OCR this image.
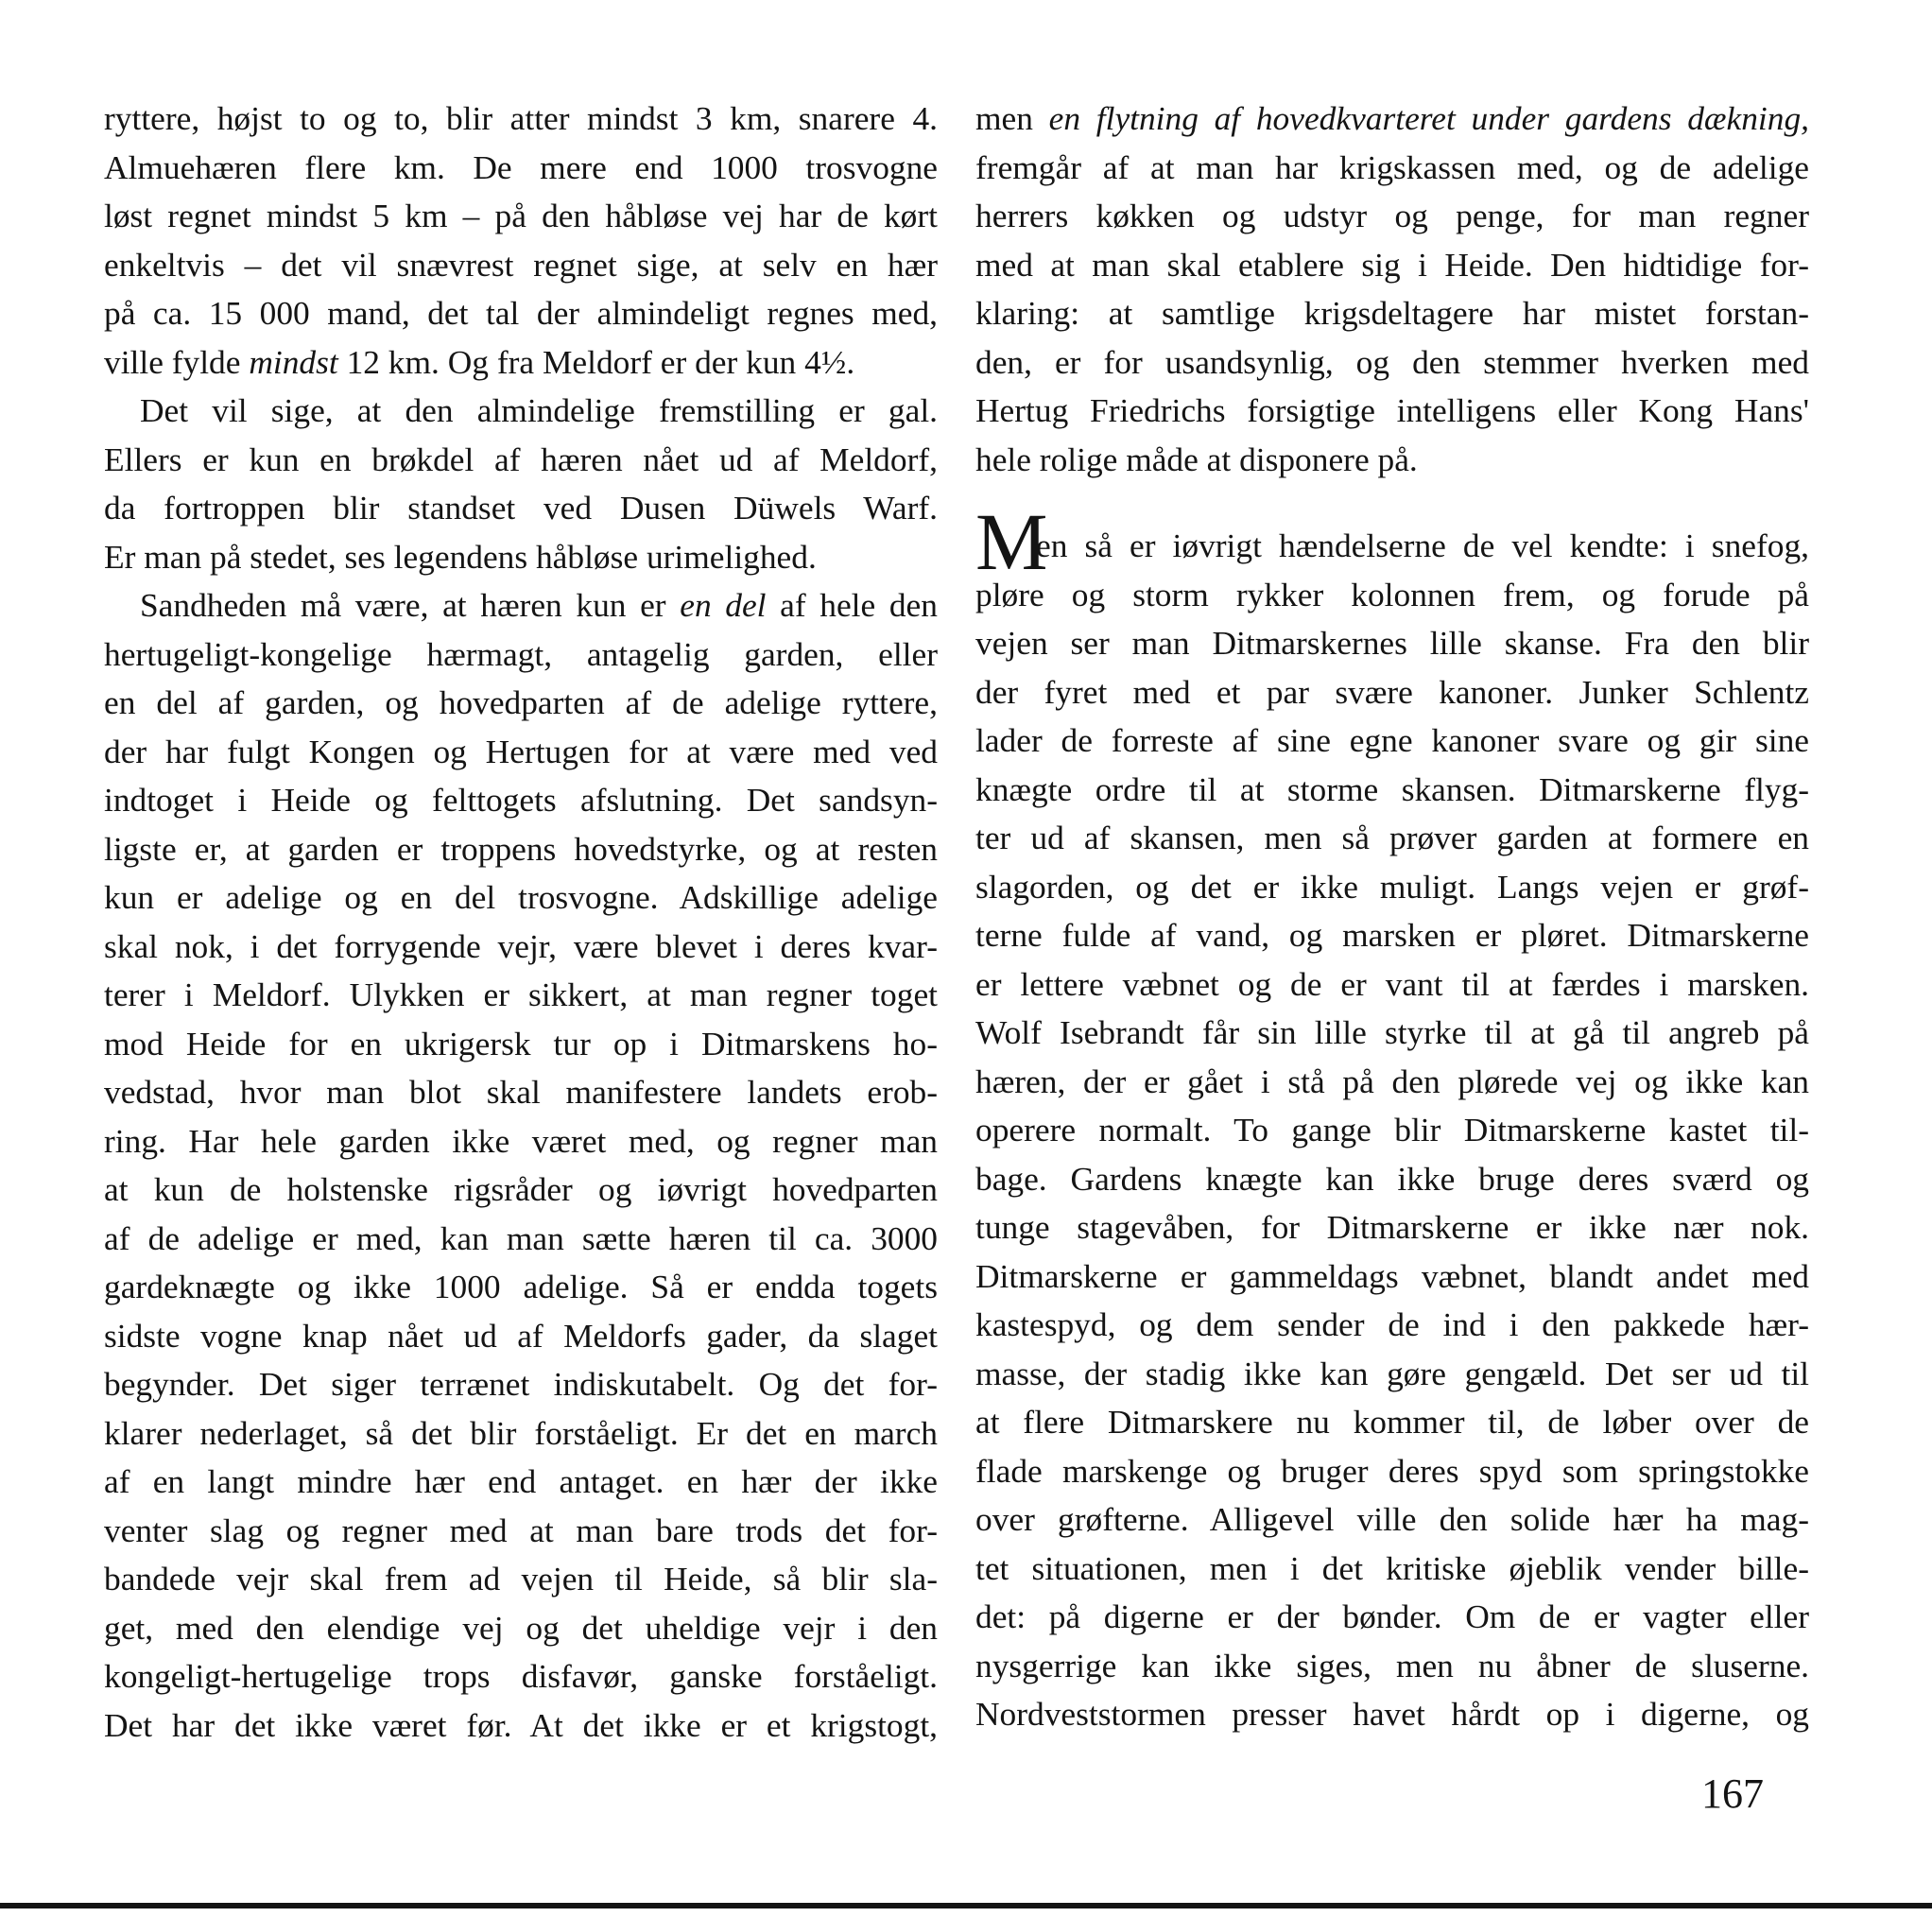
ryttere, højst to og to, blir atter mindst 3 km, snarere 4.
Almuehæren flere km. De mere end 1000 trosvogne
løst regnet mindst 5 km – på den håbløse vej har de kørt
enkeltvis – det vil snævrest regnet sige, at selv en hær
på ca. 15 000 mand, det tal der almindeligt regnes med,
ville fylde mindst 12 km. Og fra Meldorf er der kun 4½.
Det vil sige, at den almindelige fremstilling er gal.
Ellers er kun en brøkdel af hæren nået ud af Meldorf,
da fortroppen blir standset ved Dusen Düwels Warf.
Er man på stedet, ses legendens håbløse urimelighed.
Sandheden må være, at hæren kun er en del af hele den
hertugeligt-kongelige hærmagt, antagelig garden, eller
en del af garden, og hovedparten af de adelige ryttere,
der har fulgt Kongen og Hertugen for at være med ved
indtoget i Heide og felttogets afslutning. Det sandsyn-
ligste er, at garden er troppens hovedstyrke, og at resten
kun er adelige og en del trosvogne. Adskillige adelige
skal nok, i det forrygende vejr, være blevet i deres kvar-
terer i Meldorf. Ulykken er sikkert, at man regner toget
mod Heide for en ukrigersk tur op i Ditmarskens ho-
vedstad, hvor man blot skal manifestere landets erob-
ring. Har hele garden ikke været med, og regner man
at kun de holstenske rigsråder og iøvrigt hovedparten
af de adelige er med, kan man sætte hæren til ca. 3000
gardeknægte og ikke 1000 adelige. Så er endda togets
sidste vogne knap nået ud af Meldorfs gader, da slaget
begynder. Det siger terrænet indiskutabelt. Og det for-
klarer nederlaget, så det blir forståeligt. Er det en march
af en langt mindre hær end antaget. en hær der ikke
venter slag og regner med at man bare trods det for-
bandede vejr skal frem ad vejen til Heide, så blir sla-
get, med den elendige vej og det uheldige vejr i den
kongeligt-hertugelige trops disfavør, ganske forståeligt.
Det har det ikke været før. At det ikke er et krigstogt,
men en flytning af hovedkvarteret under gardens dækning,
fremgår af at man har krigskassen med, og de adelige
herrers køkken og udstyr og penge, for man regner
med at man skal etablere sig i Heide. Den hidtidige for-
klaring: at samtlige krigsdeltagere har mistet forstan-
den, er for usandsynlig, og den stemmer hverken med
Hertug Friedrichs forsigtige intelligens eller Kong Hans'
hele rolige måde at disponere på.
M
en så er iøvrigt hændelserne de vel kendte: i snefog,
pløre og storm rykker kolonnen frem, og forude på
vejen ser man Ditmarskernes lille skanse. Fra den blir
der fyret med et par svære kanoner. Junker Schlentz
lader de forreste af sine egne kanoner svare og gir sine
knægte ordre til at storme skansen. Ditmarskerne flyg-
ter ud af skansen, men så prøver garden at formere en
slagorden, og det er ikke muligt. Langs vejen er grøf-
terne fulde af vand, og marsken er pløret. Ditmarskerne
er lettere væbnet og de er vant til at færdes i marsken.
Wolf Isebrandt får sin lille styrke til at gå til angreb på
hæren, der er gået i stå på den plørede vej og ikke kan
operere normalt. To gange blir Ditmarskerne kastet til-
bage. Gardens knægte kan ikke bruge deres sværd og
tunge stagevåben, for Ditmarskerne er ikke nær nok.
Ditmarskerne er gammeldags væbnet, blandt andet med
kastespyd, og dem sender de ind i den pakkede hær-
masse, der stadig ikke kan gøre gengæld. Det ser ud til
at flere Ditmarskere nu kommer til, de løber over de
flade marskenge og bruger deres spyd som springstokke
over grøfterne. Alligevel ville den solide hær ha mag-
tet situationen, men i det kritiske øjeblik vender bille-
det: på digerne er der bønder. Om de er vagter eller
nysgerrige kan ikke siges, men nu åbner de sluserne.
Nordveststormen presser havet hårdt op i digerne, og
167
